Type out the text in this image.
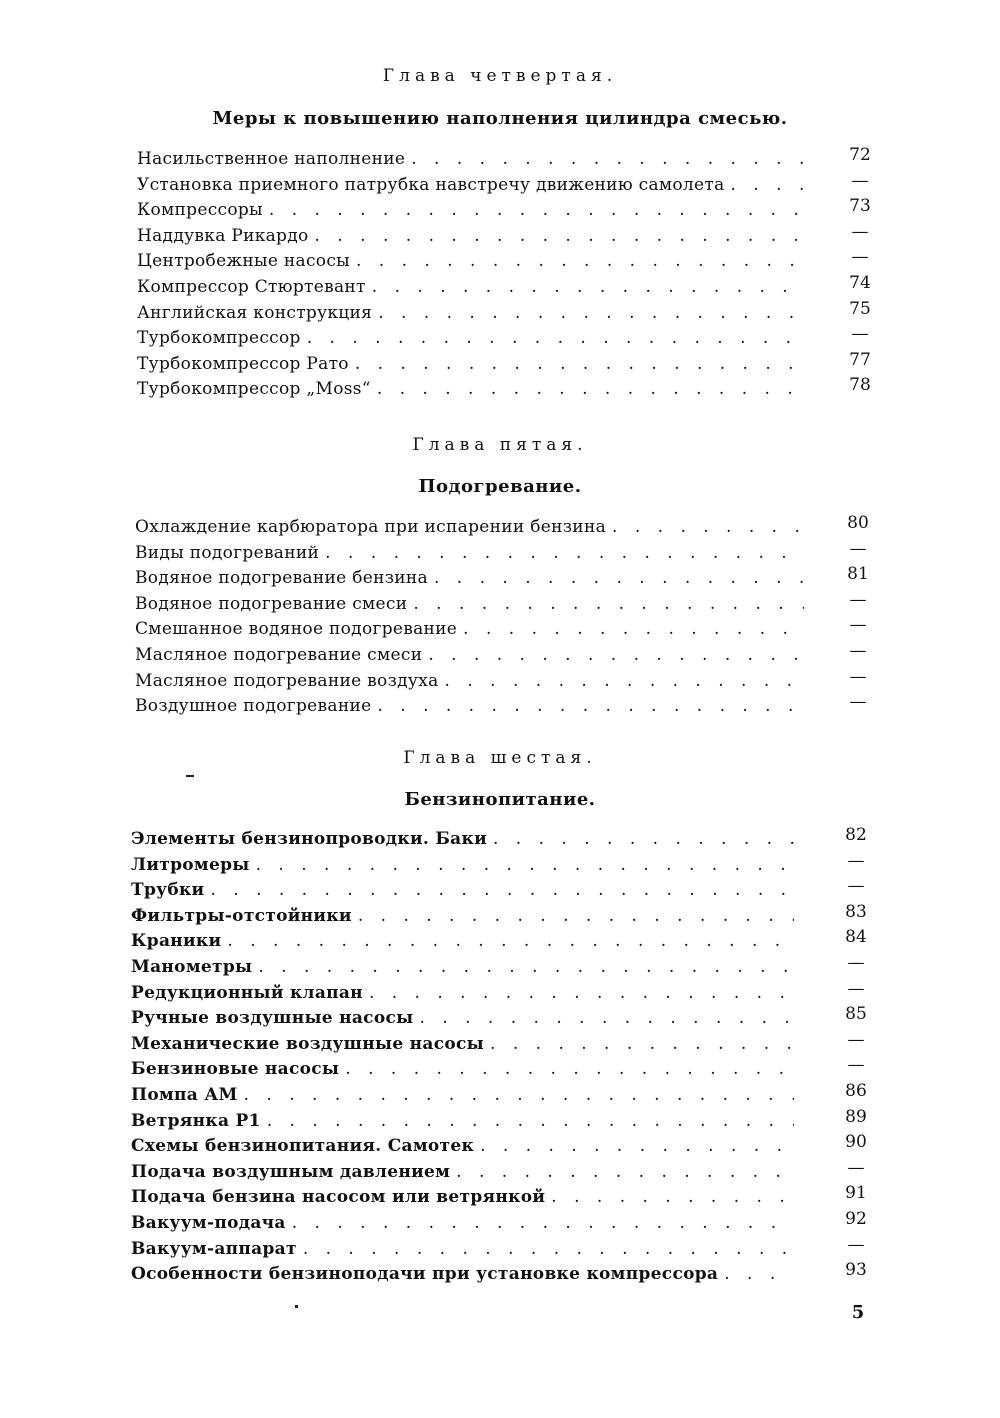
Глава четвертая.
Меры к повышению наполнения цилиндра смесью.
Насильственное наполнение . . .	72
Установка приемного патрубка навстречу движению самолета . . .	—
Компрессоры . . .	73
Наддувка Рикардо . . .	—
Центробежные насосы . . .	—
Компрессор Стюртевант . . .	74
Английская конструкция . . .	75
Турбокомпрессор . . .	—
Турбокомпрессор Рато . . .	77
Турбокомпрессор „Moss“ . . .	78
Глава пятая.
Подогревание.
Охлаждение карбюратора при испарении бензина . . .	80
Виды подогреваний . . .	—
Водяное подогревание бензина . . .	81
Водяное подогревание смеси . . .	—
Смешанное водяное подогревание . . .	—
Масляное подогревание смеси . . .	—
Масляное подогревание воздуха . . .	—
Воздушное подогревание . . .	—
Глава шестая.
Бензинопитание.
Элементы бензинопроводки. Баки . . .	82
Литромеры . . .	—
Трубки . . .	—
Фильтры-отстойники . . .	83
Краники . . .	84
Манометры . . .	—
Редукционный клапан . . .	—
Ручные воздушные насосы . . .	85
Механические воздушные насосы . . .	—
Бензиновые насосы . . .	—
Помпа АМ . . .	86
Ветрянка Р1 . . .	89
Схемы бензинопитания. Самотек . . .	90
Подача воздушным давлением . . .	—
Подача бензина насосом или ветрянкой . . .	91
Вакуум-подача . . .	92
Вакуум-аппарат . . .	—
Особенности бензиноподачи при установке компрессора . . .	93
5
